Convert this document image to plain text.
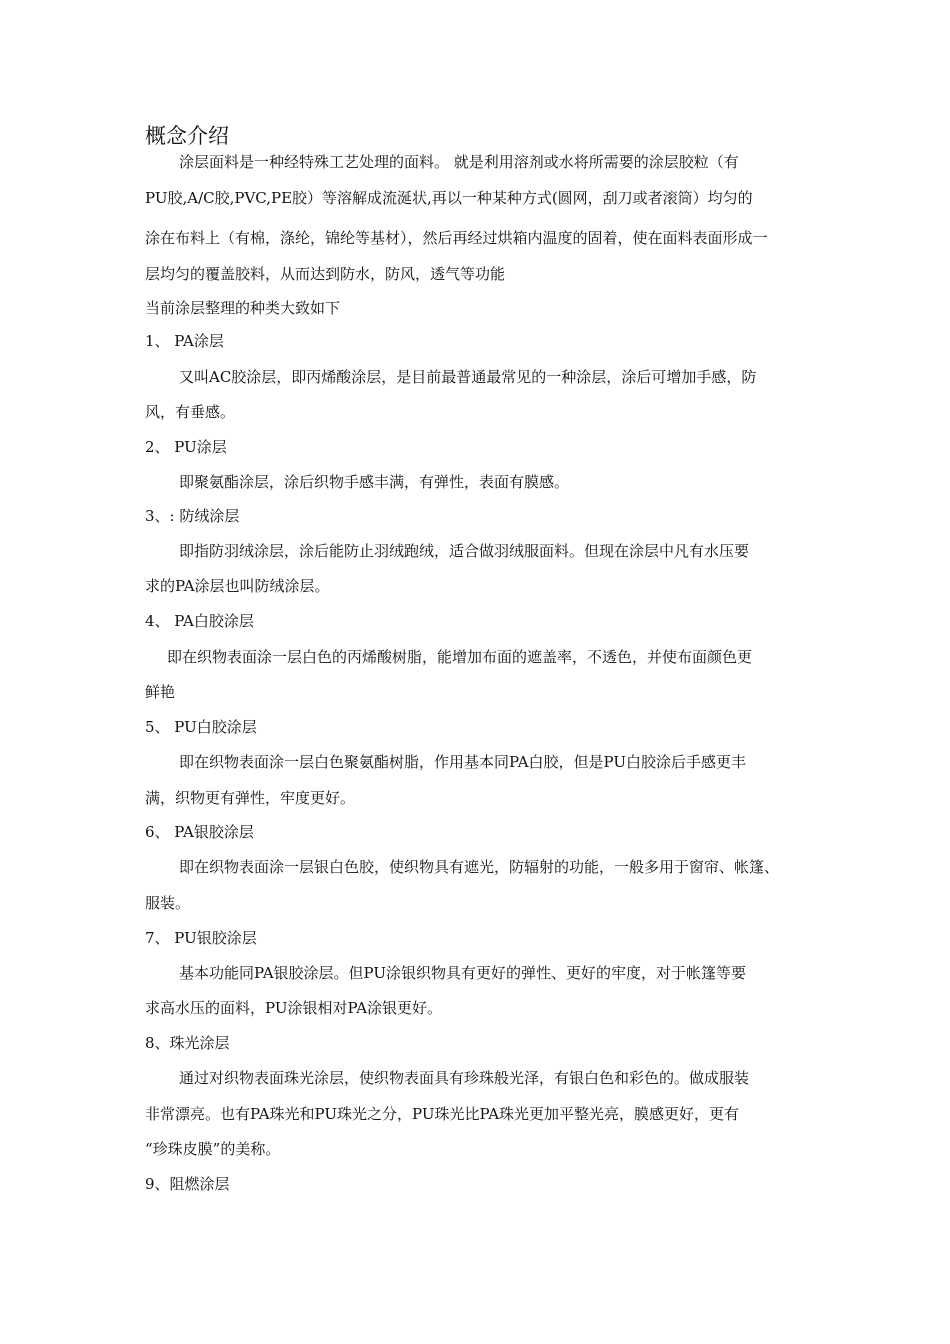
概念介绍
涂层面料是一种经特殊工艺处理的面料。 就是利用溶剂或水将所需要的涂层胶粒（有
PU胶,A/C胶,PVC,PE胶）等溶解成流涎状,再以一种某种方式(圆网，刮刀或者滚筒）均匀的
涂在布料上（有棉，涤纶，锦纶等基材），然后再经过烘箱内温度的固着，使在面料表面形成一
层均匀的覆盖胶料，从而达到防水，防风，透气等功能
当前涂层整理的种类大致如下
1、 PA涂层
又叫AC胶涂层，即丙烯酸涂层，是目前最普通最常见的一种涂层，涂后可增加手感，防
风，有垂感。
2、 PU涂层
即聚氨酯涂层，涂后织物手感丰满，有弹性，表面有膜感。
3、: 防绒涂层
即指防羽绒涂层，涂后能防止羽绒跑绒，适合做羽绒服面料。但现在涂层中凡有水压要
求的PA涂层也叫防绒涂层。
4、 PA白胶涂层
即在织物表面涂一层白色的丙烯酸树脂，能增加布面的遮盖率，不透色，并使布面颜色更
鲜艳
5、 PU白胶涂层
即在织物表面涂一层白色聚氨酯树脂，作用基本同PA白胶，但是PU白胶涂后手感更丰
满，织物更有弹性，牢度更好。
6、 PA银胶涂层
即在织物表面涂一层银白色胶，使织物具有遮光，防辐射的功能，一般多用于窗帘、帐篷、
服装。
7、 PU银胶涂层
基本功能同PA银胶涂层。但PU涂银织物具有更好的弹性、更好的牢度，对于帐篷等要
求高水压的面料，PU涂银相对PA涂银更好。
8、珠光涂层
通过对织物表面珠光涂层，使织物表面具有珍珠般光泽，有银白色和彩色的。做成服装
非常漂亮。也有PA珠光和PU珠光之分，PU珠光比PA珠光更加平整光亮，膜感更好，更有
“珍珠皮膜”的美称。
9、阻燃涂层
